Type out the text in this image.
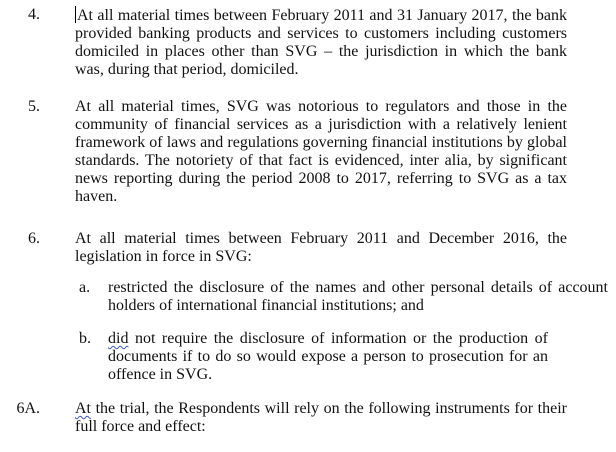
4. At all material times between February 2011 and 31 January 2017, the bank provided banking products and services to customers including customers domiciled in places other than SVG – the jurisdiction in which the bank was, during that period, domiciled.

5. At all material times, SVG was notorious to regulators and those in the community of financial services as a jurisdiction with a relatively lenient framework of laws and regulations governing financial institutions by global standards. The notoriety of that fact is evidenced, inter alia, by significant news reporting during the period 2008 to 2017, referring to SVG as a tax haven.

6. At all material times between February 2011 and December 2016, the legislation in force in SVG:

a. restricted the disclosure of the names and other personal details of account holders of international financial institutions; and
b. did not require the disclosure of information or the production of documents if to do so would expose a person to prosecution for an offence in SVG.
6A. At the trial, the Respondents will rely on the following instruments for their full force and effect:
